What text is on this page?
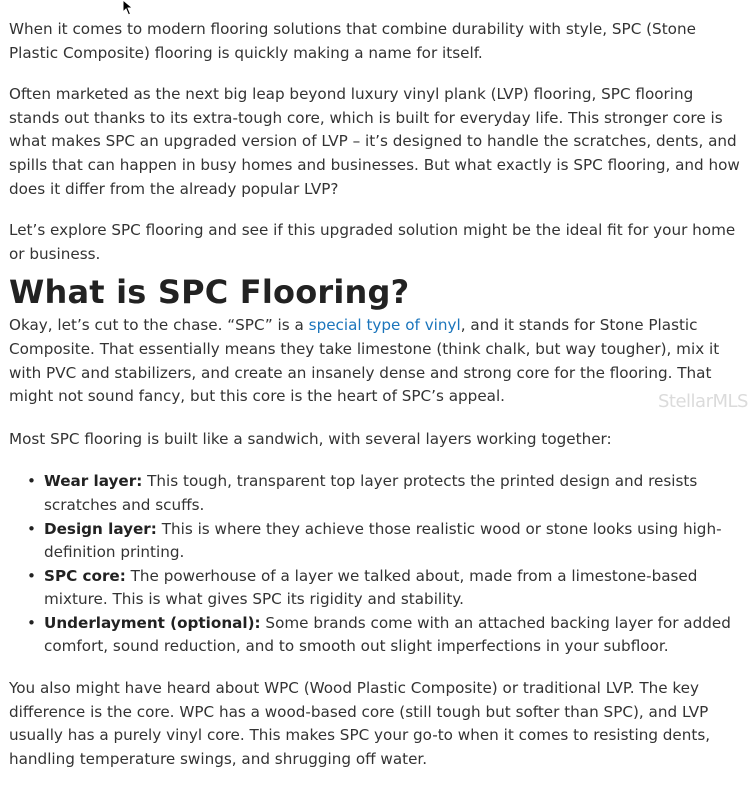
When it comes to modern flooring solutions that combine durability with style, SPC (Stone Plastic Composite) flooring is quickly making a name for itself.

Often marketed as the next big leap beyond luxury vinyl plank (LVP) flooring, SPC flooring stands out thanks to its extra-tough core, which is built for everyday life. This stronger core is what makes SPC an upgraded version of LVP – it’s designed to handle the scratches, dents, and spills that can happen in busy homes and businesses. But what exactly is SPC flooring, and how does it differ from the already popular LVP?

Let’s explore SPC flooring and see if this upgraded solution might be the ideal fit for your home or business.

What is SPC Flooring?

Okay, let’s cut to the chase. “SPC” is a special type of vinyl, and it stands for Stone Plastic Composite. That essentially means they take limestone (think chalk, but way tougher), mix it with PVC and stabilizers, and create an insanely dense and strong core for the flooring. That might not sound fancy, but this core is the heart of SPC’s appeal.

Most SPC flooring is built like a sandwich, with several layers working together:

• Wear layer: This tough, transparent top layer protects the printed design and resists scratches and scuffs.
• Design layer: This is where they achieve those realistic wood or stone looks using high-definition printing.
• SPC core: The powerhouse of a layer we talked about, made from a limestone-based mixture. This is what gives SPC its rigidity and stability.
• Underlayment (optional): Some brands come with an attached backing layer for added comfort, sound reduction, and to smooth out slight imperfections in your subfloor.

You also might have heard about WPC (Wood Plastic Composite) or traditional LVP. The key difference is the core. WPC has a wood-based core (still tough but softer than SPC), and LVP usually has a purely vinyl core. This makes SPC your go-to when it comes to resisting dents, handling temperature swings, and shrugging off water.

StellarMLS
